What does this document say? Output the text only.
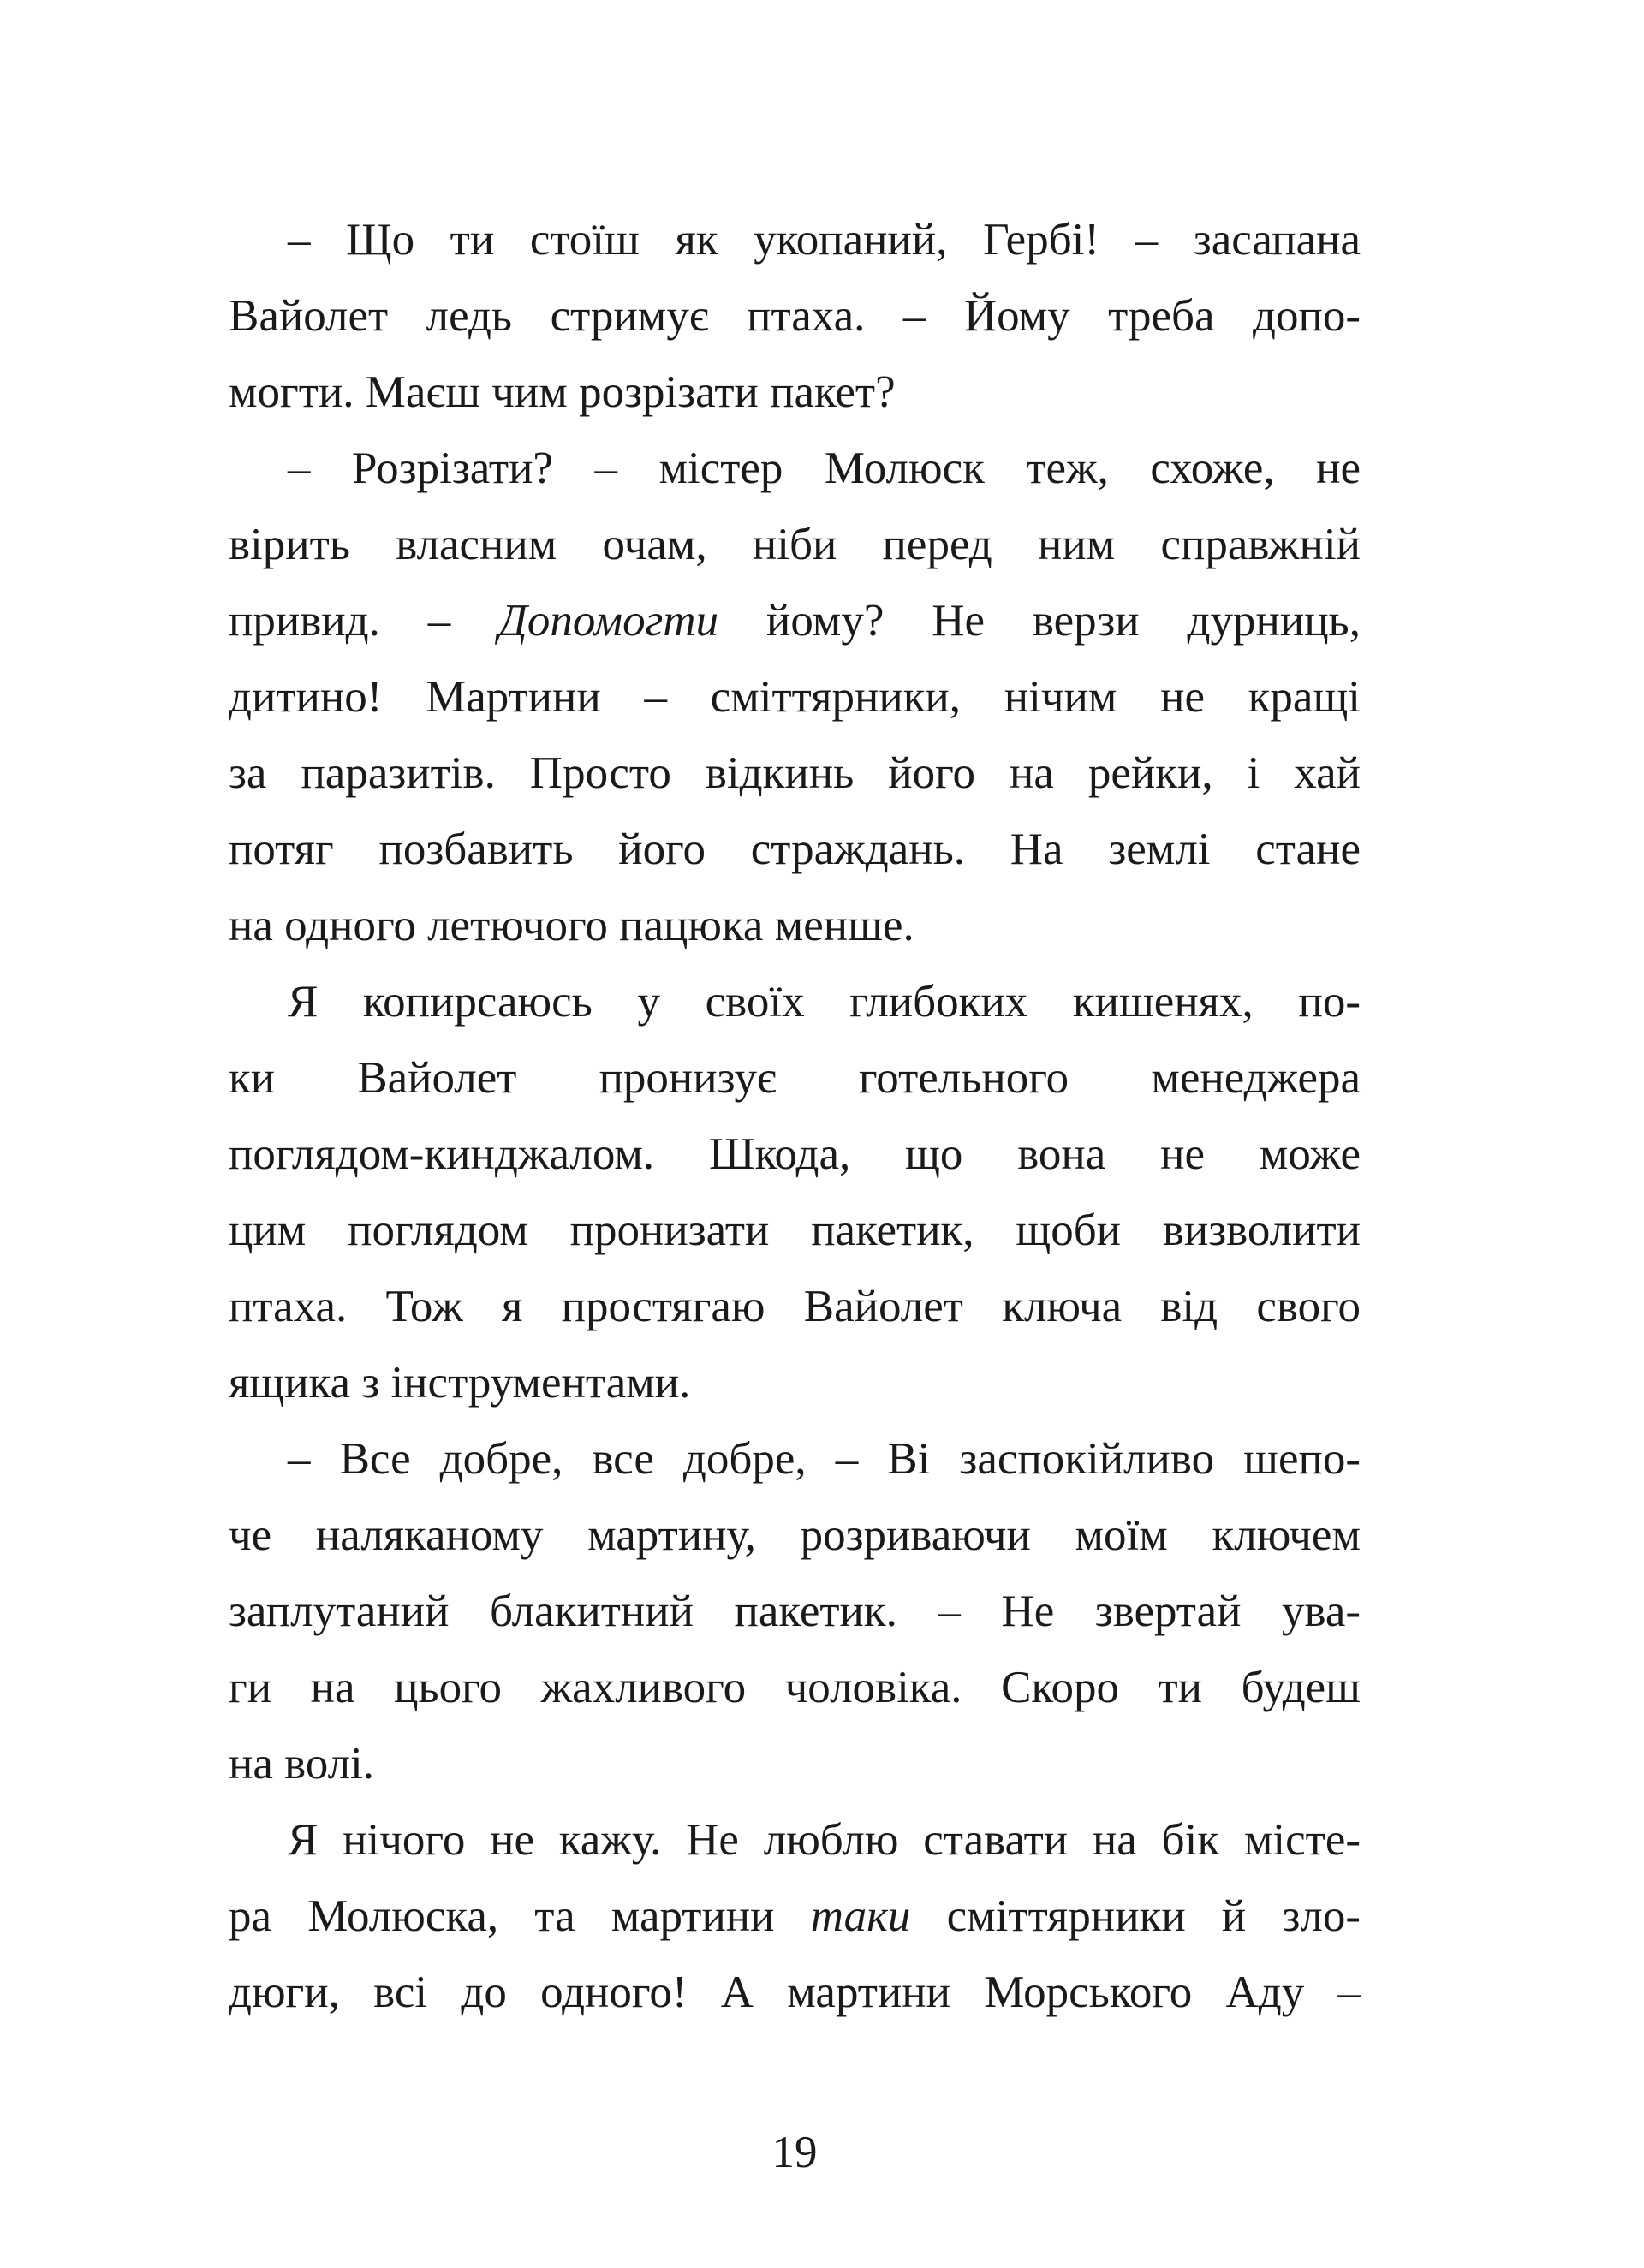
– Що ти стоїш як укопаний, Гербі! – засапана
Вайолет ледь стримує птаха. – Йому треба допо-
могти. Маєш чим розрізати пакет?
– Розрізати? – містер Молюск теж, схоже, не
вірить власним очам, ніби перед ним справжній
привид. – Допомогти йому? Не верзи дурниць,
дитино! Мартини – сміттярники, нічим не кращі
за паразитів. Просто відкинь його на рейки, і хай
потяг позбавить його страждань. На землі стане
на одного летючого пацюка менше.
Я копирсаюсь у своїх глибоких кишенях, по-
ки Вайолет пронизує готельного менеджера
поглядом-кинджалом. Шкода, що вона не може
цим поглядом пронизати пакетик, щоби визволити
птаха. Тож я простягаю Вайолет ключа від свого
ящика з інструментами.
– Все добре, все добре, – Ві заспокійливо шепо-
че наляканому мартину, розриваючи моїм ключем
заплутаний блакитний пакетик. – Не звертай ува-
ги на цього жахливого чоловіка. Скоро ти будеш
на волі.
Я нічого не кажу. Не люблю ставати на бік місте-
ра Молюска, та мартини таки сміттярники й зло-
дюги, всі до одного! А мартини Морського Аду –
19
